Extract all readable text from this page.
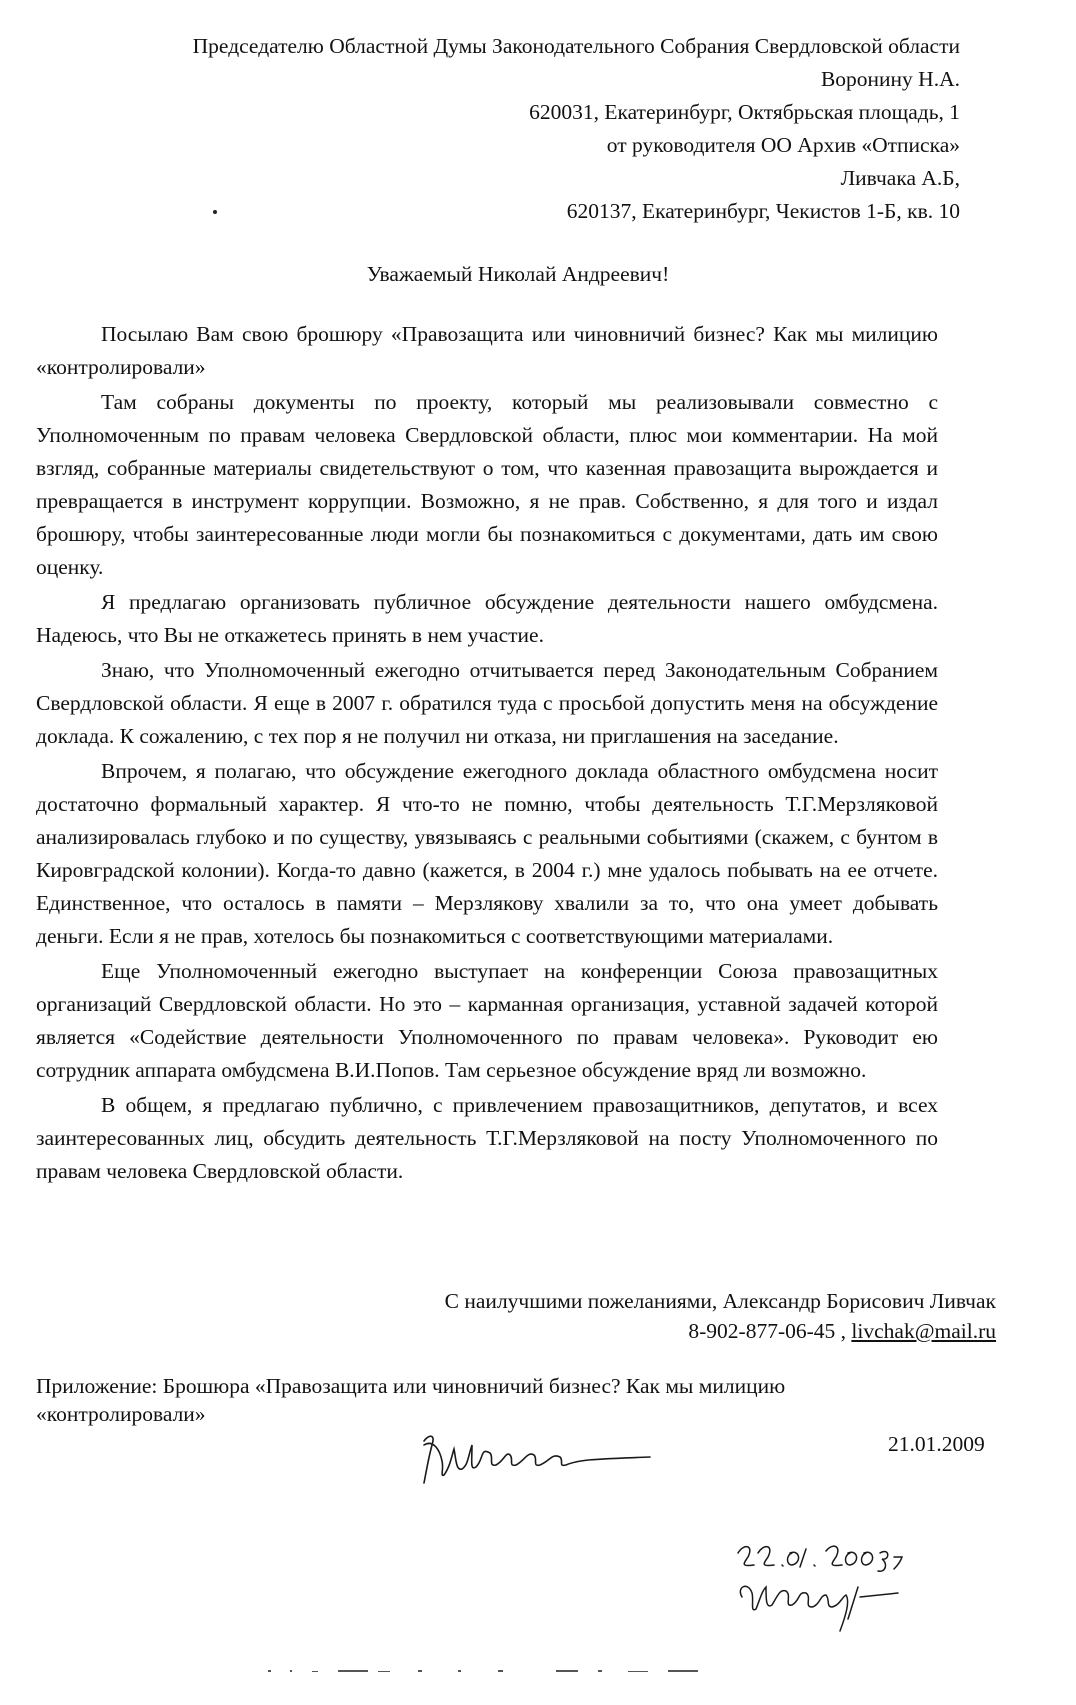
Председателю Областной Думы Законодательного Собрания Свердловской области
Воронину Н.А.
620031, Екатеринбург, Октябрьская площадь, 1
от руководителя ОО Архив «Отписка»
Ливчака А.Б,
620137, Екатеринбург, Чекистов 1-Б, кв. 10
Уважаемый Николай Андреевич!

Посылаю Вам свою брошюру «Правозащита или чиновничий бизнес? Как мы милицию «контролировали»

Там собраны документы по проекту, который мы реализовывали совместно с Уполномоченным по правам человека Свердловской области, плюс мои комментарии. На мой взгляд, собранные материалы свидетельствуют о том, что казенная правозащита вырождается и превращается в инструмент коррупции. Возможно, я не прав. Собственно, я для того и издал брошюру, чтобы заинтересованные люди могли бы познакомиться с документами, дать им свою оценку.

Я предлагаю организовать публичное обсуждение деятельности нашего омбудсмена. Надеюсь, что Вы не откажетесь принять в нем участие.

Знаю, что Уполномоченный ежегодно отчитывается перед Законодательным Собранием Свердловской области. Я еще в 2007 г. обратился туда с просьбой допустить меня на обсуждение доклада. К сожалению, с тех пор я не получил ни отказа, ни приглашения на заседание.

Впрочем, я полагаю, что обсуждение ежегодного доклада областного омбудсмена носит достаточно формальный характер. Я что-то не помню, чтобы деятельность Т.Г.Мерзляковой анализировалась глубоко и по существу, увязываясь с реальными событиями (скажем, с бунтом в Кировградской колонии). Когда-то давно (кажется, в 2004 г.) мне удалось побывать на ее отчете. Единственное, что осталось в памяти – Мерзлякову хвалили за то, что она умеет добывать деньги. Если я не прав, хотелось бы познакомиться с соответствующими материалами.

Еще Уполномоченный ежегодно выступает на конференции Союза правозащитных организаций Свердловской области. Но это – карманная организация, уставной задачей которой является «Содействие деятельности Уполномоченного по правам человека». Руководит ею сотрудник аппарата омбудсмена В.И.Попов. Там серьезное обсуждение вряд ли возможно.

В общем, я предлагаю публично, с привлечением правозащитников, депутатов, и всех заинтересованных лиц, обсудить деятельность Т.Г.Мерзляковой на посту Уполномоченного по правам человека Свердловской области.

С наилучшими пожеланиями, Александр Борисович Ливчак
8-902-877-06-45 , livchak@mail.ru
Приложение: Брошюра «Правозащита или чиновничий бизнес? Как мы милицию «контролировали»
21.01.2009
